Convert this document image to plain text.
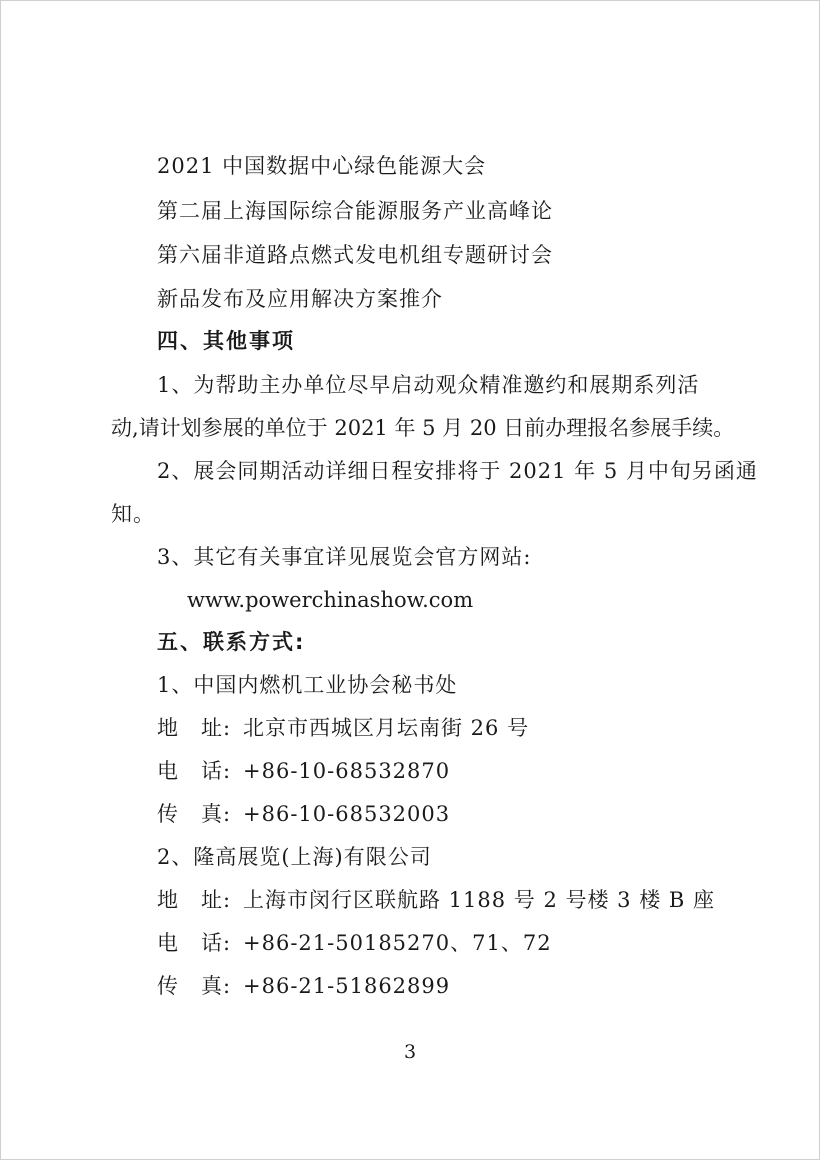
2021 中国数据中心绿色能源大会
第二届上海国际综合能源服务产业高峰论
第六届非道路点燃式发电机组专题研讨会
新品发布及应用解决方案推介
四、其他事项
1、为帮助主办单位尽早启动观众精准邀约和展期系列活
动,请计划参展的单位于 2021 年 5 月 20 日前办理报名参展手续。
2、展会同期活动详细日程安排将于 2021 年 5 月中旬另函通
知。
3、其它有关事宜详见展览会官方网站:
www.powerchinashow.com
五、联系方式:
1、中国内燃机工业协会秘书处
地　址: 北京市西城区月坛南街 26 号
电　话: +86-10-68532870
传　真: +86-10-68532003
2、隆高展览(上海)有限公司
地　址: 上海市闵行区联航路 1188 号 2 号楼 3 楼 B 座
电　话: +86-21-50185270、71、72
传　真: +86-21-51862899
3
